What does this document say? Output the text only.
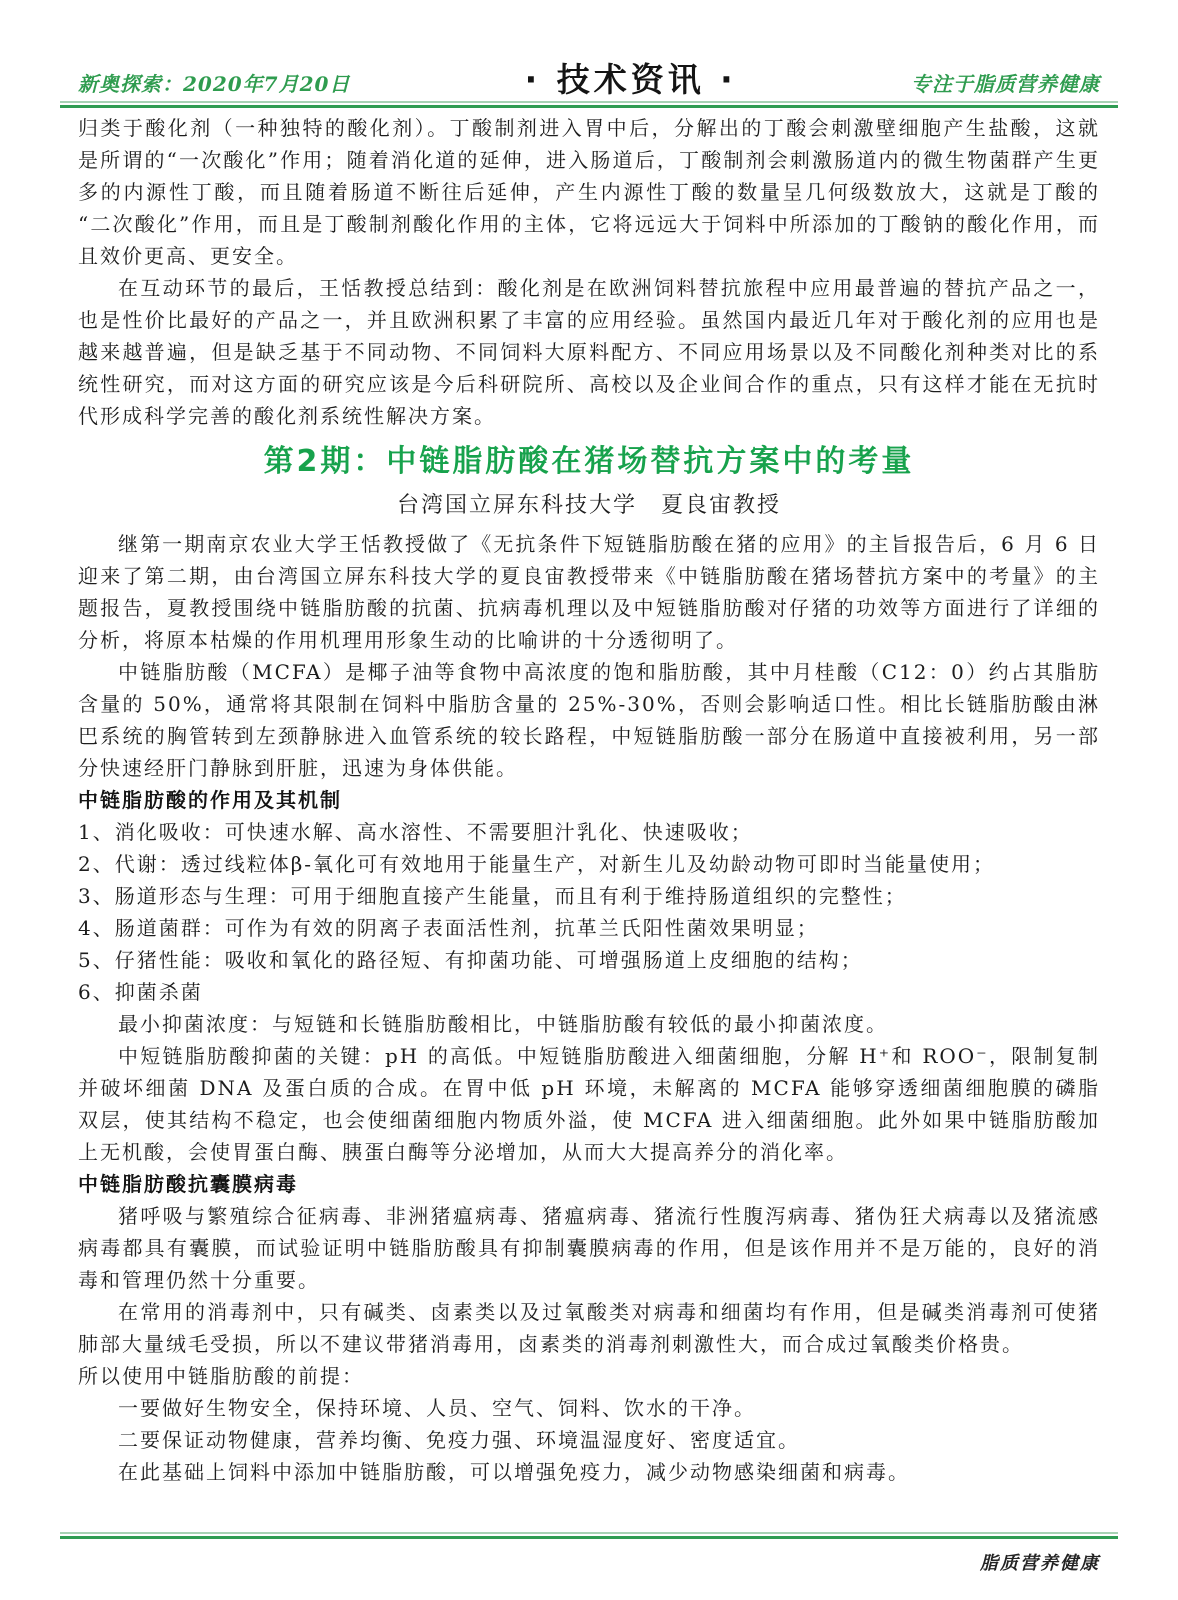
新奥探索：2020年7月20日	· 技术资讯 ·	专注于脂质营养健康

归类于酸化剂（一种独特的酸化剂）。丁酸制剂进入胃中后，分解出的丁酸会刺激壁细胞产生盐酸，这就是所谓的“一次酸化”作用；随着消化道的延伸，进入肠道后，丁酸制剂会刺激肠道内的微生物菌群产生更多的内源性丁酸，而且随着肠道不断往后延伸，产生内源性丁酸的数量呈几何级数放大，这就是丁酸的“二次酸化”作用，而且是丁酸制剂酸化作用的主体，它将远远大于饲料中所添加的丁酸钠的酸化作用，而且效价更高、更安全。

在互动环节的最后，王恬教授总结到：酸化剂是在欧洲饲料替抗旅程中应用最普遍的替抗产品之一，也是性价比最好的产品之一，并且欧洲积累了丰富的应用经验。虽然国内最近几年对于酸化剂的应用也是越来越普遍，但是缺乏基于不同动物、不同饲料大原料配方、不同应用场景以及不同酸化剂种类对比的系统性研究，而对这方面的研究应该是今后科研院所、高校以及企业间合作的重点，只有这样才能在无抗时代形成科学完善的酸化剂系统性解决方案。

第2期：中链脂肪酸在猪场替抗方案中的考量

台湾国立屏东科技大学　夏良宙教授

继第一期南京农业大学王恬教授做了《无抗条件下短链脂肪酸在猪的应用》的主旨报告后，6 月 6 日迎来了第二期，由台湾国立屏东科技大学的夏良宙教授带来《中链脂肪酸在猪场替抗方案中的考量》的主题报告，夏教授围绕中链脂肪酸的抗菌、抗病毒机理以及中短链脂肪酸对仔猪的功效等方面进行了详细的分析，将原本枯燥的作用机理用形象生动的比喻讲的十分透彻明了。

中链脂肪酸（MCFA）是椰子油等食物中高浓度的饱和脂肪酸，其中月桂酸（C12：0）约占其脂肪含量的 50%，通常将其限制在饲料中脂肪含量的 25%-30%，否则会影响适口性。相比长链脂肪酸由淋巴系统的胸管转到左颈静脉进入血管系统的较长路程，中短链脂肪酸一部分在肠道中直接被利用，另一部分快速经肝门静脉到肝脏，迅速为身体供能。

中链脂肪酸的作用及其机制

1、消化吸收：可快速水解、高水溶性、不需要胆汁乳化、快速吸收；

2、代谢：透过线粒体β-氧化可有效地用于能量生产，对新生儿及幼龄动物可即时当能量使用；

3、肠道形态与生理：可用于细胞直接产生能量，而且有利于维持肠道组织的完整性；

4、肠道菌群：可作为有效的阴离子表面活性剂，抗革兰氏阳性菌效果明显；

5、仔猪性能：吸收和氧化的路径短、有抑菌功能、可增强肠道上皮细胞的结构；

6、抑菌杀菌

最小抑菌浓度：与短链和长链脂肪酸相比，中链脂肪酸有较低的最小抑菌浓度。

中短链脂肪酸抑菌的关键：pH 的高低。中短链脂肪酸进入细菌细胞，分解 H⁺和 ROO⁻，限制复制并破坏细菌 DNA 及蛋白质的合成。在胃中低 pH 环境，未解离的 MCFA 能够穿透细菌细胞膜的磷脂双层，使其结构不稳定，也会使细菌细胞内物质外溢，使 MCFA 进入细菌细胞。此外如果中链脂肪酸加上无机酸，会使胃蛋白酶、胰蛋白酶等分泌增加，从而大大提高养分的消化率。

中链脂肪酸抗囊膜病毒

猪呼吸与繁殖综合征病毒、非洲猪瘟病毒、猪瘟病毒、猪流行性腹泻病毒、猪伪狂犬病毒以及猪流感病毒都具有囊膜，而试验证明中链脂肪酸具有抑制囊膜病毒的作用，但是该作用并不是万能的，良好的消毒和管理仍然十分重要。

在常用的消毒剂中，只有碱类、卤素类以及过氧酸类对病毒和细菌均有作用，但是碱类消毒剂可使猪肺部大量绒毛受损，所以不建议带猪消毒用，卤素类的消毒剂刺激性大，而合成过氧酸类价格贵。

所以使用中链脂肪酸的前提：

一要做好生物安全，保持环境、人员、空气、饲料、饮水的干净。

二要保证动物健康，营养均衡、免疫力强、环境温湿度好、密度适宜。

在此基础上饲料中添加中链脂肪酸，可以增强免疫力，减少动物感染细菌和病毒。

脂质营养健康
